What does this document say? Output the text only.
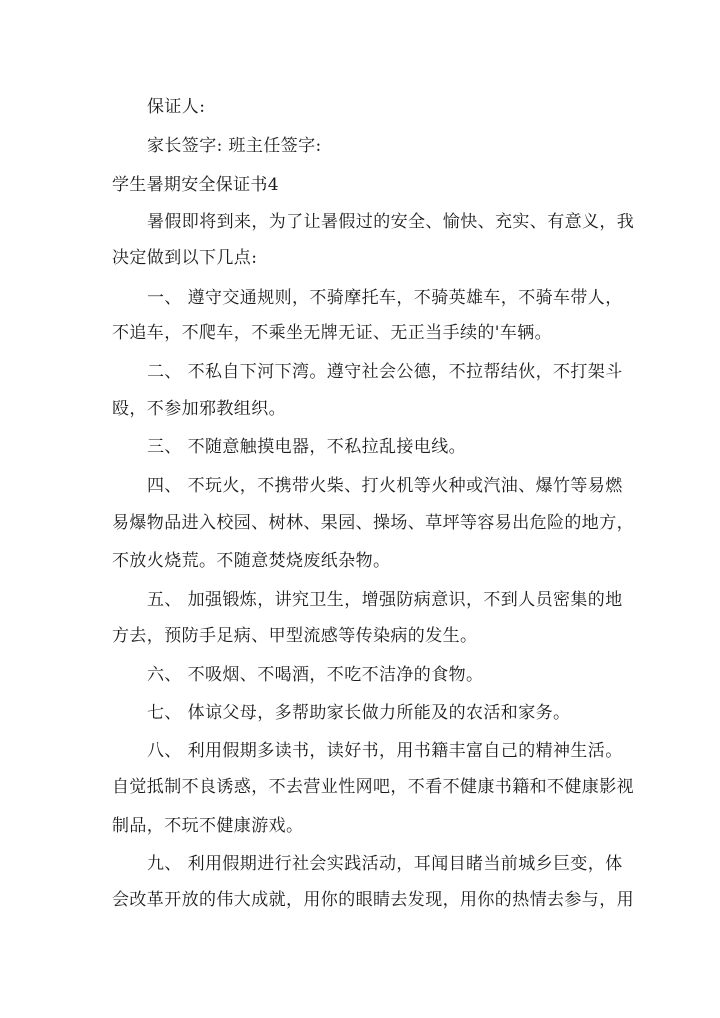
保证人:
家长签字: 班主任签字:
学生暑期安全保证书4
暑假即将到来，为了让暑假过的安全、愉快、充实、有意义，我
决定做到以下几点:
一、 遵守交通规则，不骑摩托车，不骑英雄车，不骑车带人，
不追车，不爬车，不乘坐无牌无证、无正当手续的'车辆。
二、 不私自下河下湾。遵守社会公德，不拉帮结伙，不打架斗
殴，不参加邪教组织。
三、 不随意触摸电器，不私拉乱接电线。
四、 不玩火，不携带火柴、打火机等火种或汽油、爆竹等易燃
易爆物品进入校园、树林、果园、操场、草坪等容易出危险的地方，
不放火烧荒。不随意焚烧废纸杂物。
五、 加强锻炼，讲究卫生，增强防病意识，不到人员密集的地
方去，预防手足病、甲型流感等传染病的发生。
六、 不吸烟、不喝酒，不吃不洁净的食物。
七、 体谅父母，多帮助家长做力所能及的农活和家务。
八、 利用假期多读书，读好书，用书籍丰富自己的精神生活。
自觉抵制不良诱惑，不去营业性网吧，不看不健康书籍和不健康影视
制品，不玩不健康游戏。
九、 利用假期进行社会实践活动，耳闻目睹当前城乡巨变，体
会改革开放的伟大成就，用你的眼睛去发现，用你的热情去参与，用
